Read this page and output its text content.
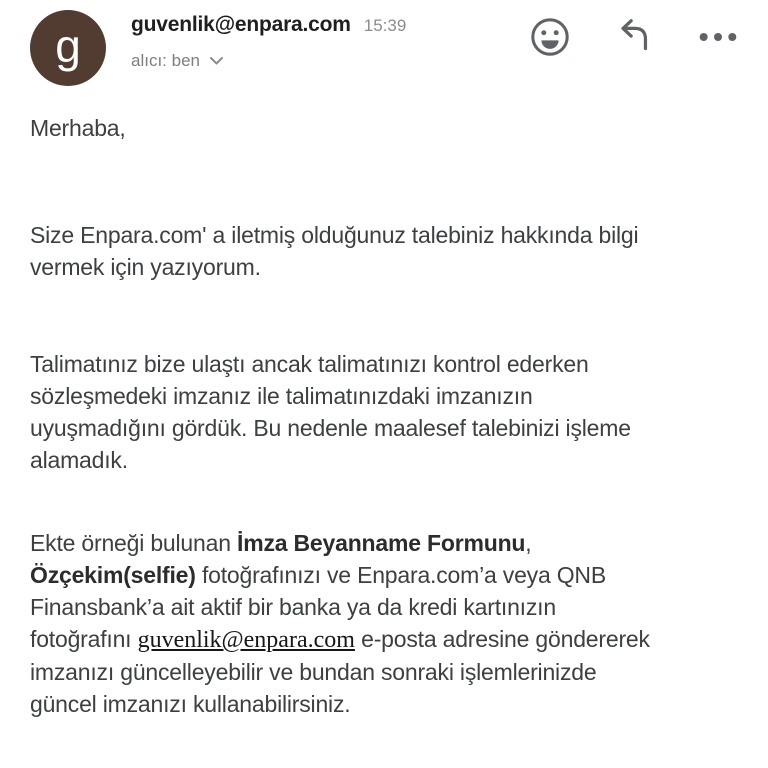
g guvenlik@enpara.com 15:39
alıcı: ben
Merhaba,
Size Enpara.com' a iletmiş olduğunuz talebiniz hakkında bilgi
vermek için yazıyorum.
Talimatınız bize ulaştı ancak talimatınızı kontrol ederken
sözleşmedeki imzanız ile talimatınızdaki imzanızın
uyuşmadığını gördük. Bu nedenle maalesef talebinizi işleme
alamadık.
Ekte örneği bulunan İmza Beyanname Formunu,
Özçekim(selfie) fotoğrafınızı ve Enpara.com’a veya QNB
Finansbank’a ait aktif bir banka ya da kredi kartınızın
fotoğrafını guvenlik@enpara.com e-posta adresine göndererek
imzanızı güncelleyebilir ve bundan sonraki işlemlerinizde
güncel imzanızı kullanabilirsiniz.
